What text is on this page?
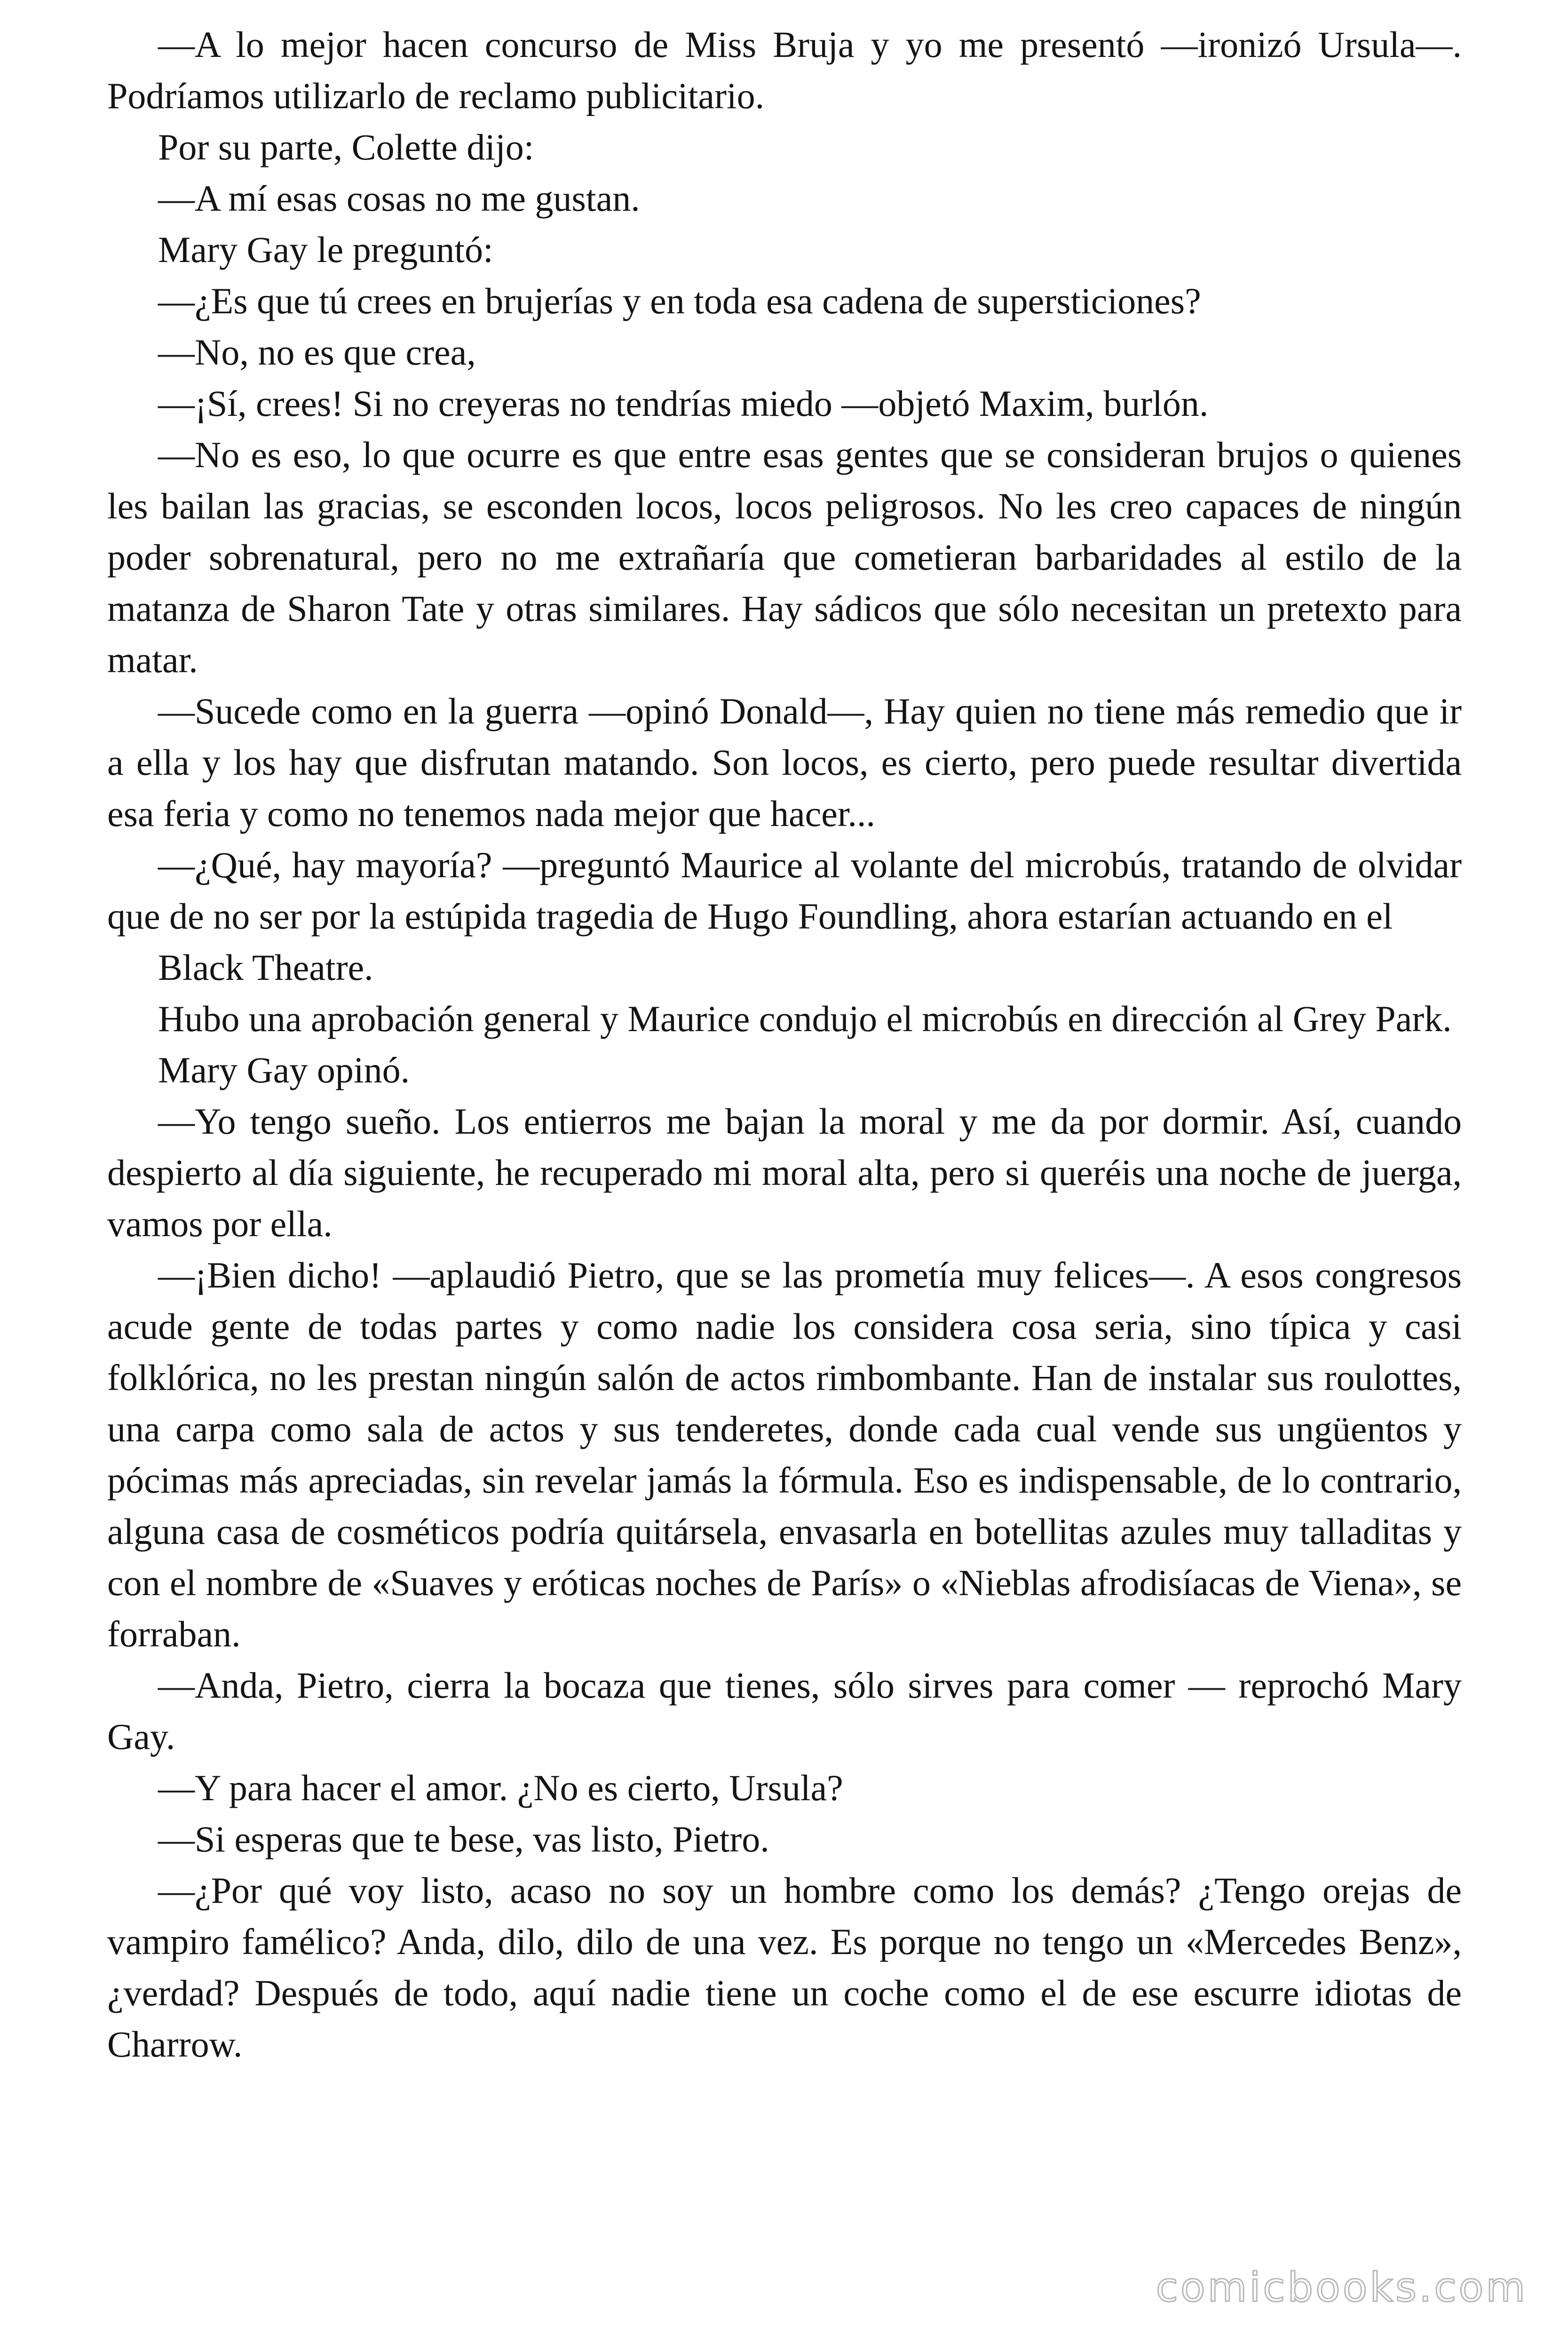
—A lo mejor hacen concurso de Miss Bruja y yo me presentó —ironizó Ursula—. Podríamos utilizarlo de reclamo publicitario.

Por su parte, Colette dijo:

—A mí esas cosas no me gustan.

Mary Gay le preguntó:

—¿Es que tú crees en brujerías y en toda esa cadena de supersticiones?

—No, no es que crea,

—¡Sí, crees! Si no creyeras no tendrías miedo —objetó Maxim, burlón.

—No es eso, lo que ocurre es que entre esas gentes que se consideran brujos o quienes les bailan las gracias, se esconden locos, locos peligrosos. No les creo capaces de ningún poder sobrenatural, pero no me extrañaría que cometieran barbaridades al estilo de la matanza de Sharon Tate y otras similares. Hay sádicos que sólo necesitan un pretexto para matar.

—Sucede como en la guerra —opinó Donald—, Hay quien no tiene más remedio que ir a ella y los hay que disfrutan matando. Son locos, es cierto, pero puede resultar divertida esa feria y como no tenemos nada mejor que hacer...

—¿Qué, hay mayoría? —preguntó Maurice al volante del microbús, tratando de olvidar que de no ser por la estúpida tragedia de Hugo Foundling, ahora estarían actuando en el

Black Theatre.

Hubo una aprobación general y Maurice condujo el microbús en dirección al Grey Park.

Mary Gay opinó.

—Yo tengo sueño. Los entierros me bajan la moral y me da por dormir. Así, cuando despierto al día siguiente, he recuperado mi moral alta, pero si queréis una noche de juerga, vamos por ella.

—¡Bien dicho! —aplaudió Pietro, que se las prometía muy felices—. A esos congresos acude gente de todas partes y como nadie los considera cosa seria, sino típica y casi folklórica, no les prestan ningún salón de actos rimbombante. Han de instalar sus roulottes, una carpa como sala de actos y sus tenderetes, donde cada cual vende sus ungüentos y pócimas más apreciadas, sin revelar jamás la fórmula. Eso es indispensable, de lo contrario, alguna casa de cosméticos podría quitársela, envasarla en botellitas azules muy talladitas y con el nombre de «Suaves y eróticas noches de París» o «Nieblas afrodisíacas de Viena», se forraban.

—Anda, Pietro, cierra la bocaza que tienes, sólo sirves para comer — reprochó Mary Gay.

—Y para hacer el amor. ¿No es cierto, Ursula?

—Si esperas que te bese, vas listo, Pietro.

—¿Por qué voy listo, acaso no soy un hombre como los demás? ¿Tengo orejas de vampiro famélico? Anda, dilo, dilo de una vez. Es porque no tengo un «Mercedes Benz», ¿verdad? Después de todo, aquí nadie tiene un coche como el de ese escurre idiotas de Charrow.

comicbooks.com
